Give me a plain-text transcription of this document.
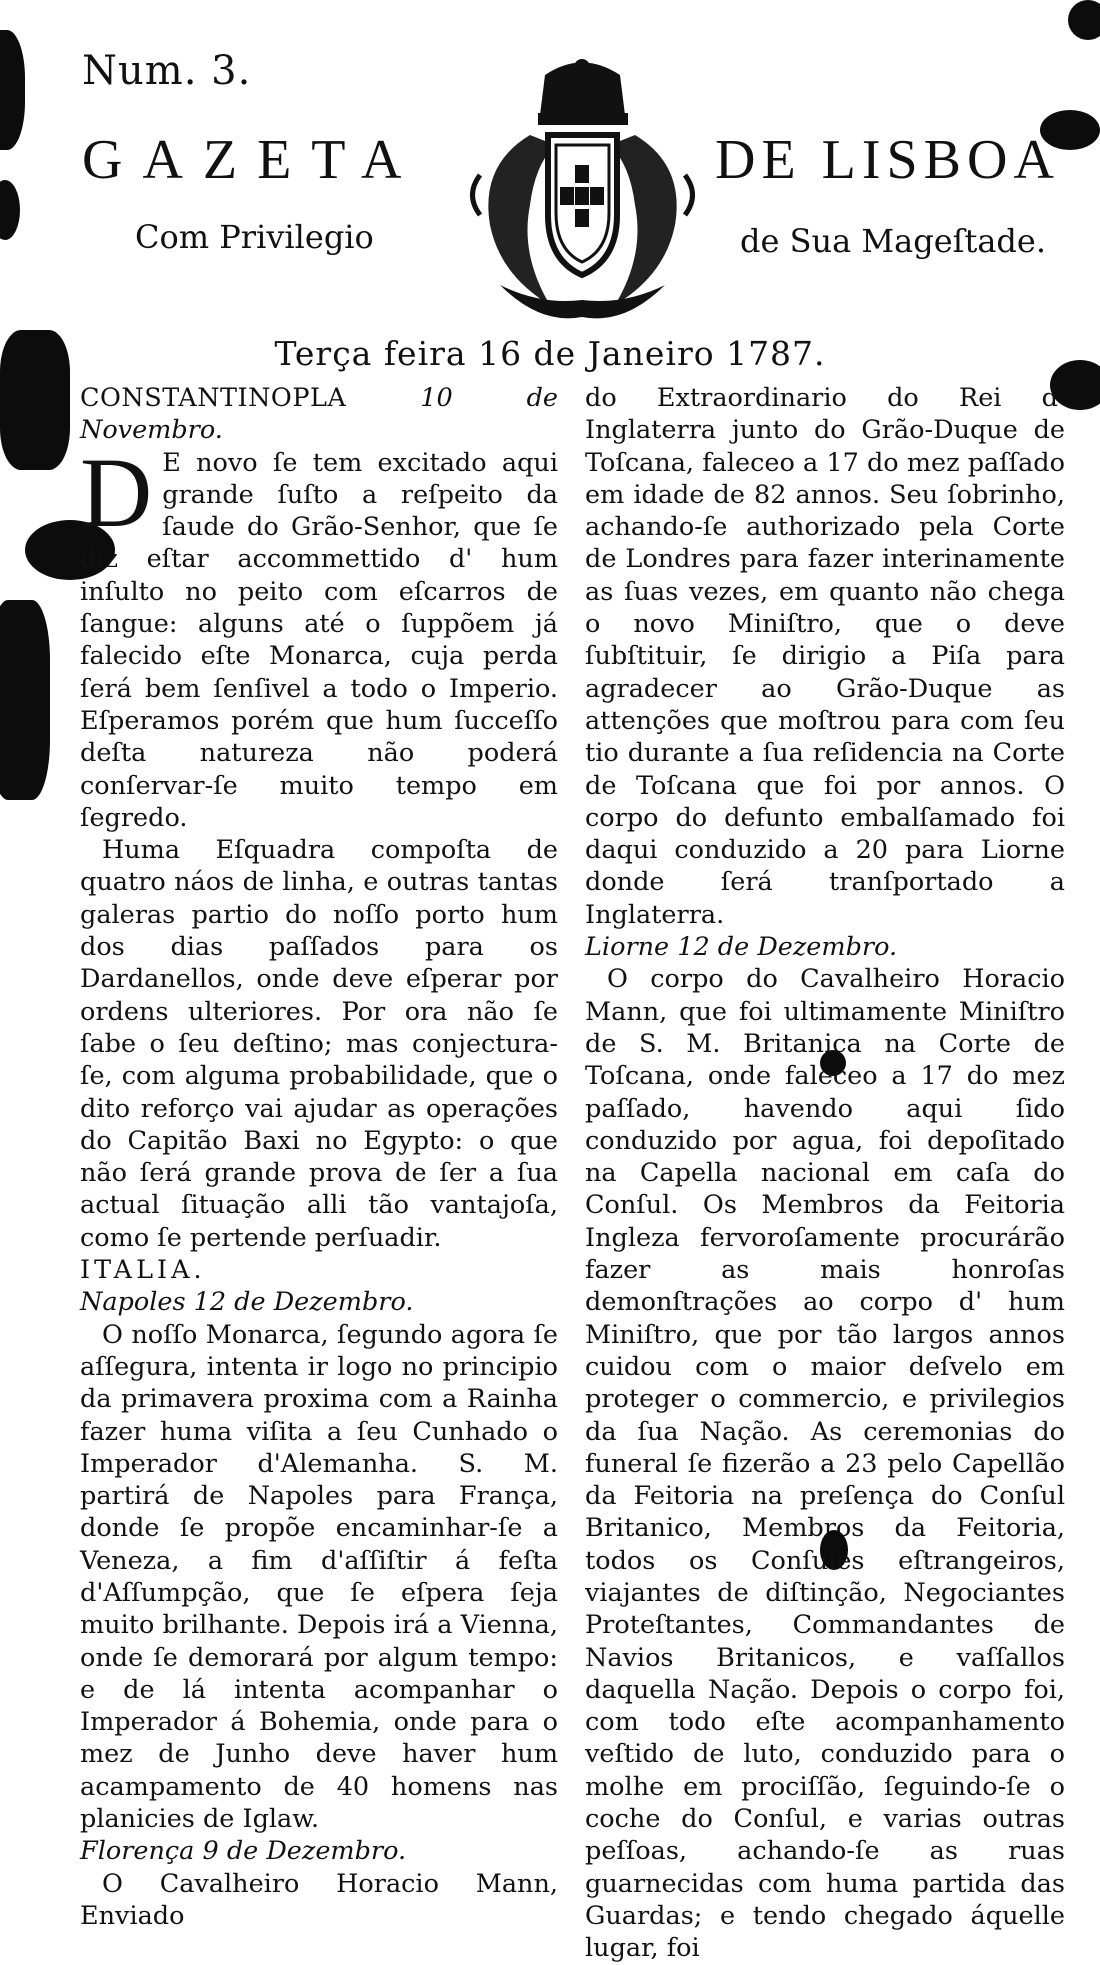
Num. 3.
GAZETA	DE LISBOA
Com Privilegio	de Sua Mageſtade.
Terça feira 16 de Janeiro 1787.

CONSTANTINOPLA	10 de Novembro.

D E novo ſe tem excitado aqui grande ſuſto a reſpeito da ſaude do Grão-Senhor, que ſe diz eſtar accommettido d' hum inſulto no peito com eſcarros de ſangue: alguns até o ſuppõem já falecido eſte Monarca, cuja perda ſerá bem ſenſivel a todo o Imperio. Eſperamos porém que hum ſucceſſo deſta natureza não poderá conſervar-ſe muito tempo em ſegredo.

Huma Eſquadra compoſta de quatro náos de linha, e outras tantas galeras partio do noſſo porto hum dos dias paſſados para os Dardanellos, onde deve eſperar por ordens ulteriores. Por ora não ſe ſabe o ſeu deſtino; mas conjectura-ſe, com alguma probabilidade, que o dito reforço vai ajudar as operações do Capitão Baxi no Egypto: o que não ſerá grande prova de ſer a ſua actual ſituação alli tão vantajoſa, como ſe pertende perſuadir.

ITALIA.

Napoles 12 de Dezembro.

O noſſo Monarca, ſegundo agora ſe aſſegura, intenta ir logo no principio da primavera proxima com a Rainha fazer huma viſita a ſeu Cunhado o Imperador d'Alemanha. S. M. partirá de Napoles para França, donde ſe propõe encaminhar-ſe a Veneza, a fim d'aſſiſtir á feſta d'Aſſumpção, que ſe eſpera ſeja muito brilhante. Depois irá a Vienna, onde ſe demorará por algum tempo: e de lá intenta acompanhar o Imperador á Bohemia, onde para o mez de Junho deve haver hum acampamento de 40 homens nas planicies de Iglaw.

Florença 9 de Dezembro.

O Cavalheiro Horacio Mann, Enviado

do Extraordinario do Rei d' Inglaterra junto do Grão-Duque de Toſcana, faleceo a 17 do mez paſſado em idade de 82 annos. Seu ſobrinho, achando-ſe authorizado pela Corte de Londres para fazer interinamente as ſuas vezes, em quanto não chega o novo Miniſtro, que o deve ſubſtituir, ſe dirigio a Piſa para agradecer ao Grão-Duque as attenções que moſtrou para com ſeu tio durante a ſua reſidencia na Corte de Toſcana que foi por annos. O corpo do defunto embalſamado foi daqui conduzido a 20 para Liorne donde ſerá tranſportado a Inglaterra.

Liorne 12 de Dezembro.

O corpo do Cavalheiro Horacio Mann, que foi ultimamente Miniſtro de S. M. Britanica na Corte de Toſcana, onde faleceo a 17 do mez paſſado, havendo aqui ſido conduzido por agua, foi depoſitado na Capella nacional em caſa do Conſul. Os Membros da Feitoria Ingleza fervoroſamente procurárão fazer as mais honroſas demonſtrações ao corpo d' hum Miniſtro, que por tão largos annos cuidou com o maior deſvelo em proteger o commercio, e privilegios da ſua Nação. As ceremonias do funeral ſe fizerão a 23 pelo Capellão da Feitoria na preſença do Conſul Britanico, Membros da Feitoria, todos os Conſules eſtrangeiros, viajantes de diſtinção, Negociantes Proteſtantes, Commandantes de Navios Britanicos, e vaſſallos daquella Nação. Depois o corpo foi, com todo eſte acompanhamento veſtido de luto, conduzido para o molhe em prociſſão, ſeguindo-ſe o coche do Conſul, e varias outras peſſoas, achando-ſe as ruas guarnecidas com huma partida das Guardas; e tendo chegado áquelle lugar, foi
